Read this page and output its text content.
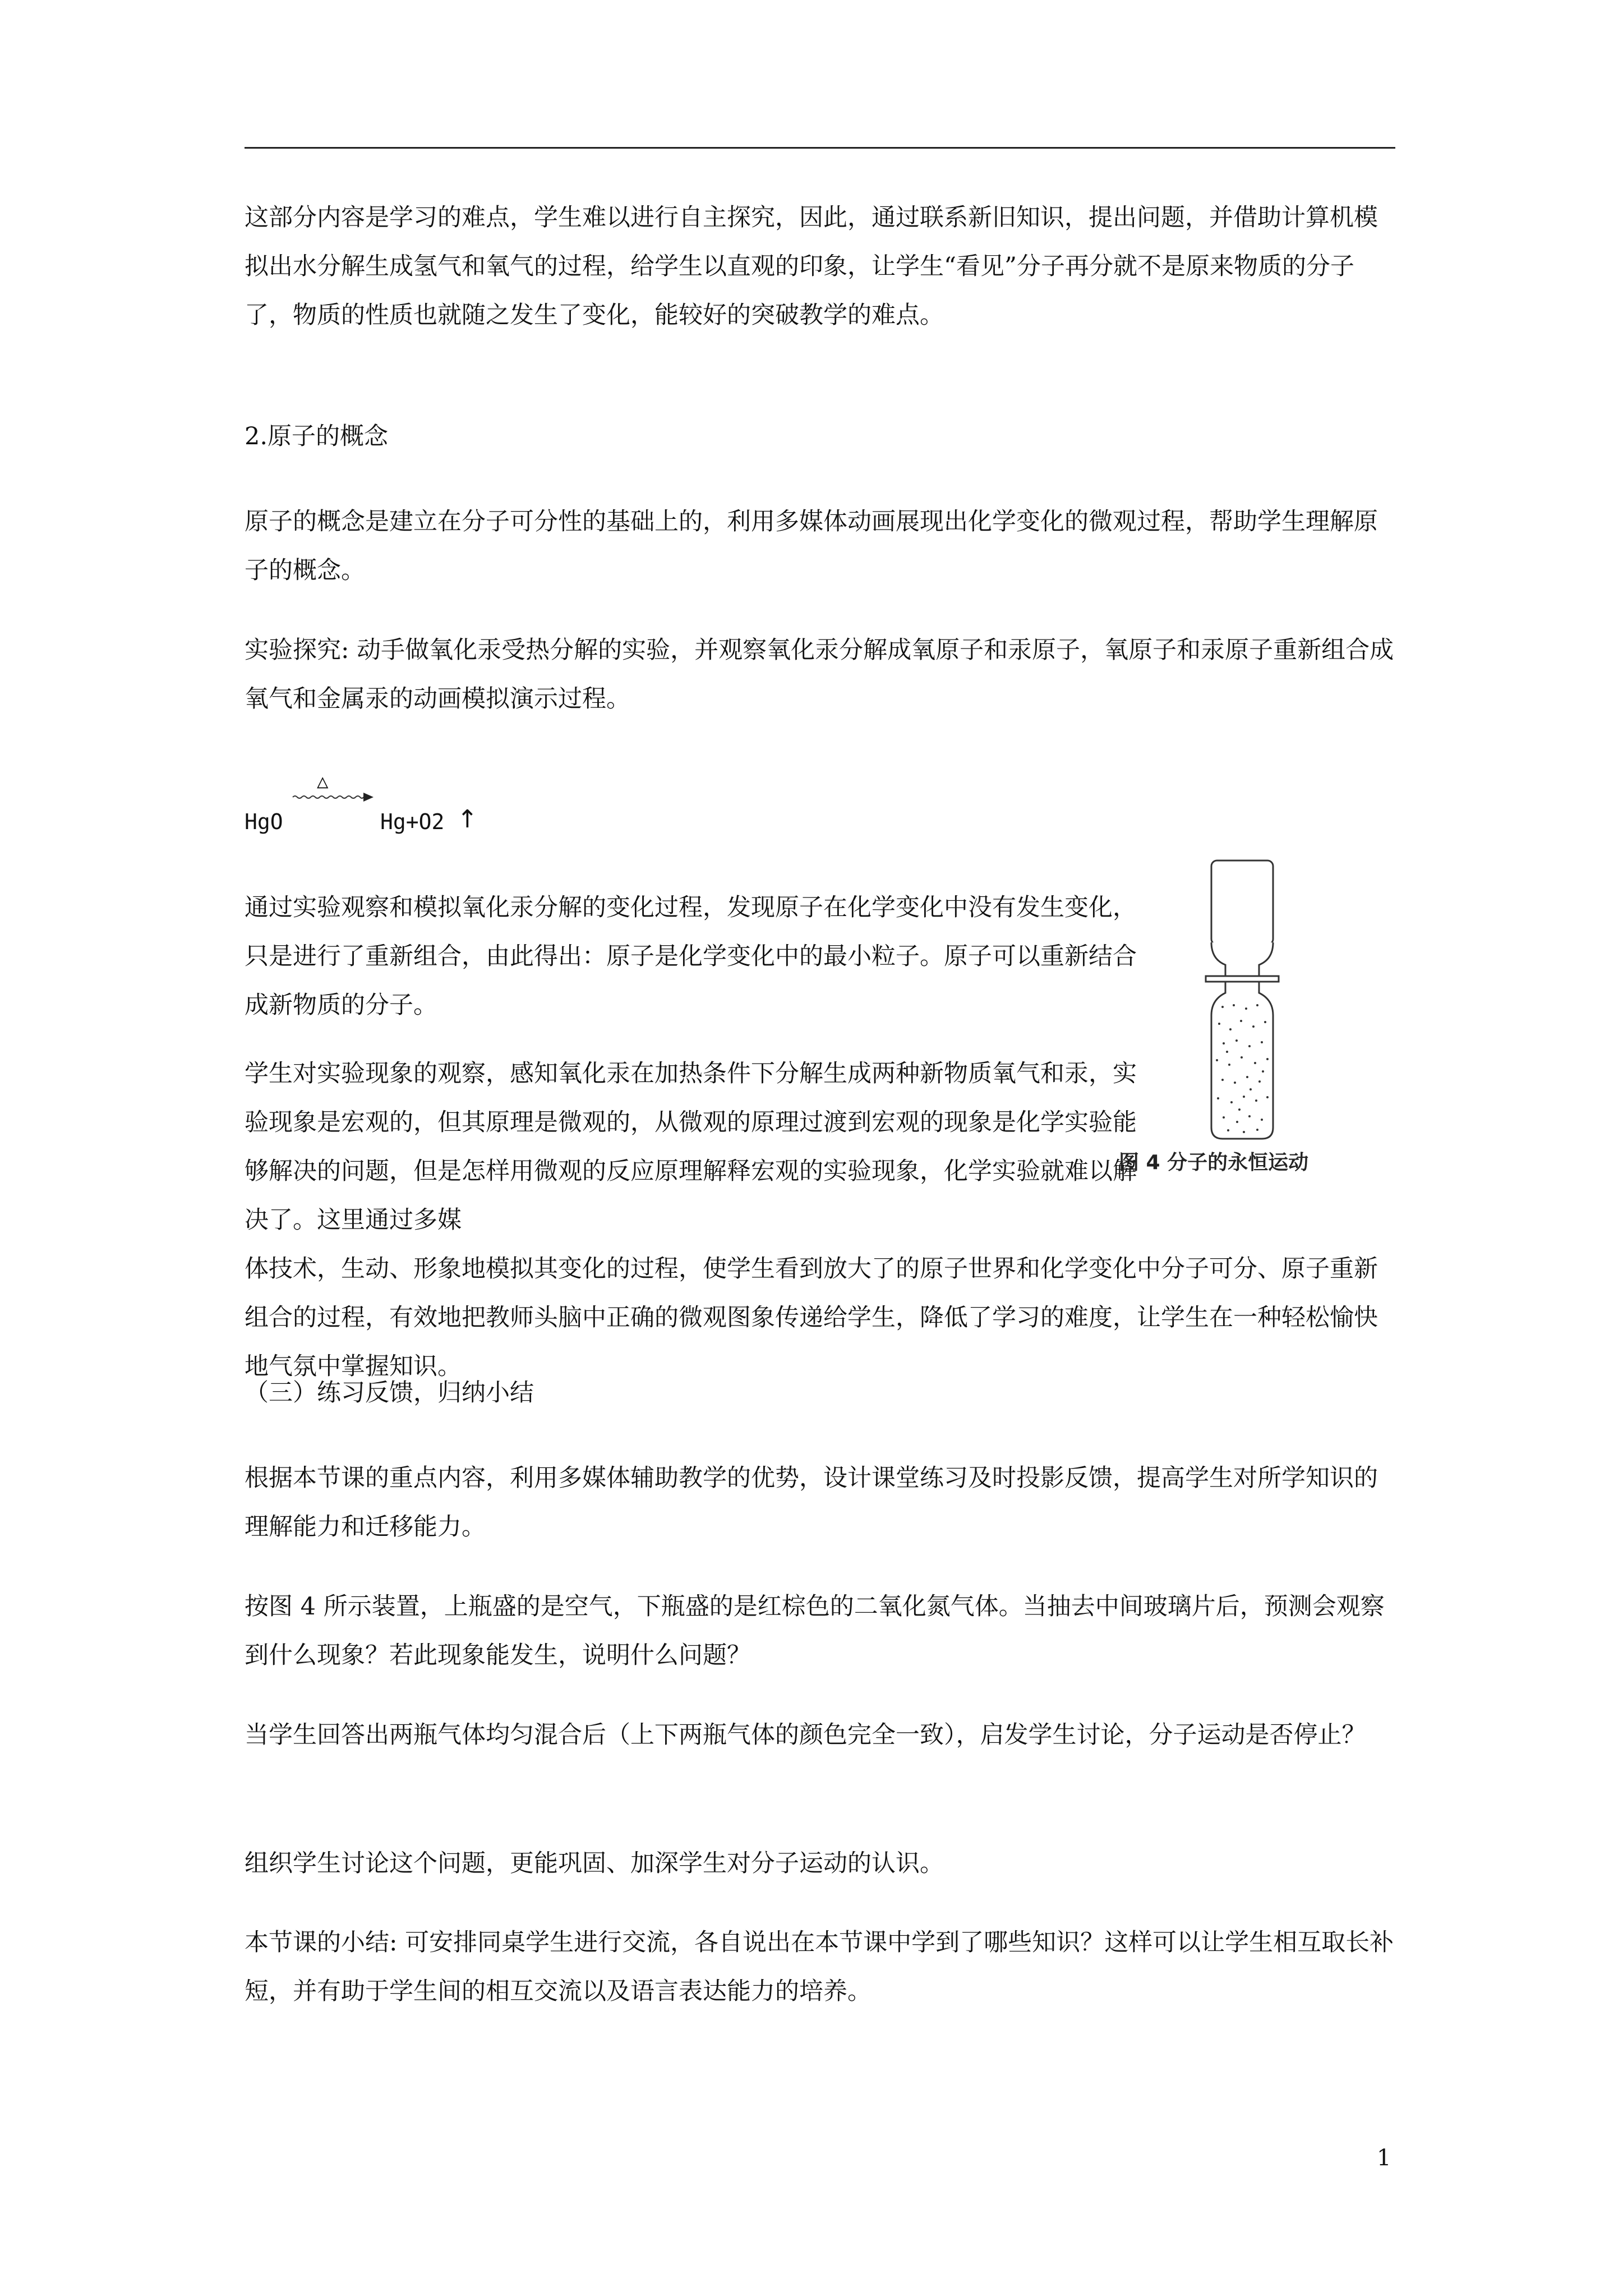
这部分内容是学习的难点，学生难以进行自主探究，因此，通过联系新旧知识，提出问题，并借助计算机模拟出水分解生成氢气和氧气的过程，给学生以直观的印象，让学生“看见”分子再分就不是原来物质的分子了，物质的性质也就随之发生了变化，能较好的突破教学的难点。

2.原子的概念

原子的概念是建立在分子可分性的基础上的，利用多媒体动画展现出化学变化的微观过程，帮助学生理解原子的概念。

实验探究: 动手做氧化汞受热分解的实验，并观察氧化汞分解成氧原子和汞原子，氧原子和汞原子重新组合成氧气和金属汞的动画模拟演示过程。

HgO
△
Hg+O2 ↑

通过实验观察和模拟氧化汞分解的变化过程，发现原子在化学变化中没有发生变化，只是进行了重新组合，由此得出：原子是化学变化中的最小粒子。原子可以重新结合成新物质的分子。

学生对实验现象的观察，感知氧化汞在加热条件下分解生成两种新物质氧气和汞，实验现象是宏观的，但其原理是微观的，从微观的原理过渡到宏观的现象是化学实验能够解决的问题，但是怎样用微观的反应原理解释宏观的实验现象，化学实验就难以解决了。这里通过多媒

体技术，生动、形象地模拟其变化的过程，使学生看到放大了的原子世界和化学变化中分子可分、原子重新组合的过程，有效地把教师头脑中正确的微观图象传递给学生，降低了学习的难度，让学生在一种轻松愉快地气氛中掌握知识。

图 4 分子的永恒运动

（三）练习反馈，归纳小结

根据本节课的重点内容，利用多媒体辅助教学的优势，设计课堂练习及时投影反馈，提高学生对所学知识的理解能力和迁移能力。

按图 4 所示装置，上瓶盛的是空气，下瓶盛的是红棕色的二氧化氮气体。当抽去中间玻璃片后，预测会观察到什么现象？若此现象能发生，说明什么问题？

当学生回答出两瓶气体均匀混合后（上下两瓶气体的颜色完全一致），启发学生讨论，分子运动是否停止？

组织学生讨论这个问题，更能巩固、加深学生对分子运动的认识。

本节课的小结: 可安排同桌学生进行交流，各自说出在本节课中学到了哪些知识？这样可以让学生相互取长补短，并有助于学生间的相互交流以及语言表达能力的培养。

1
